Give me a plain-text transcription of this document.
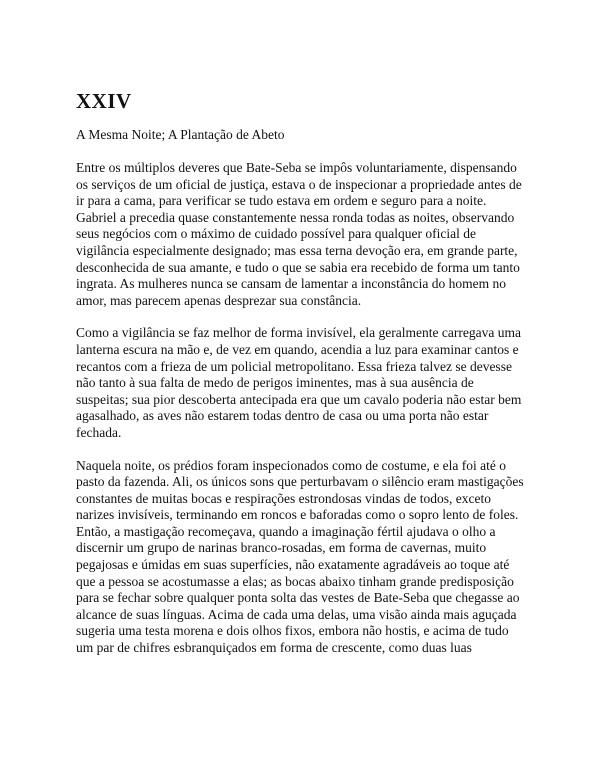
XXIV
A Mesma Noite; A Plantação de Abeto

Entre os múltiplos deveres que Bate-Seba se impôs voluntariamente, dispensando os serviços de um oficial de justiça, estava o de inspecionar a propriedade antes de ir para a cama, para verificar se tudo estava em ordem e seguro para a noite. Gabriel a precedia quase constantemente nessa ronda todas as noites, observando seus negócios com o máximo de cuidado possível para qualquer oficial de vigilância especialmente designado; mas essa terna devoção era, em grande parte, desconhecida de sua amante, e tudo o que se sabia era recebido de forma um tanto ingrata. As mulheres nunca se cansam de lamentar a inconstância do homem no amor, mas parecem apenas desprezar sua constância.

Como a vigilância se faz melhor de forma invisível, ela geralmente carregava uma lanterna escura na mão e, de vez em quando, acendia a luz para examinar cantos e recantos com a frieza de um policial metropolitano. Essa frieza talvez se devesse não tanto à sua falta de medo de perigos iminentes, mas à sua ausência de suspeitas; sua pior descoberta antecipada era que um cavalo poderia não estar bem agasalhado, as aves não estarem todas dentro de casa ou uma porta não estar fechada.

Naquela noite, os prédios foram inspecionados como de costume, e ela foi até o pasto da fazenda. Ali, os únicos sons que perturbavam o silêncio eram mastigações constantes de muitas bocas e respirações estrondosas vindas de todos, exceto narizes invisíveis, terminando em roncos e baforadas como o sopro lento de foles. Então, a mastigação recomeçava, quando a imaginação fértil ajudava o olho a discernir um grupo de narinas branco-rosadas, em forma de cavernas, muito pegajosas e úmidas em suas superfícies, não exatamente agradáveis ao toque até que a pessoa se acostumasse a elas; as bocas abaixo tinham grande predisposição para se fechar sobre qualquer ponta solta das vestes de Bate-Seba que chegasse ao alcance de suas línguas. Acima de cada uma delas, uma visão ainda mais aguçada sugeria uma testa morena e dois olhos fixos, embora não hostis, e acima de tudo um par de chifres esbranquiçados em forma de crescente, como duas luas
